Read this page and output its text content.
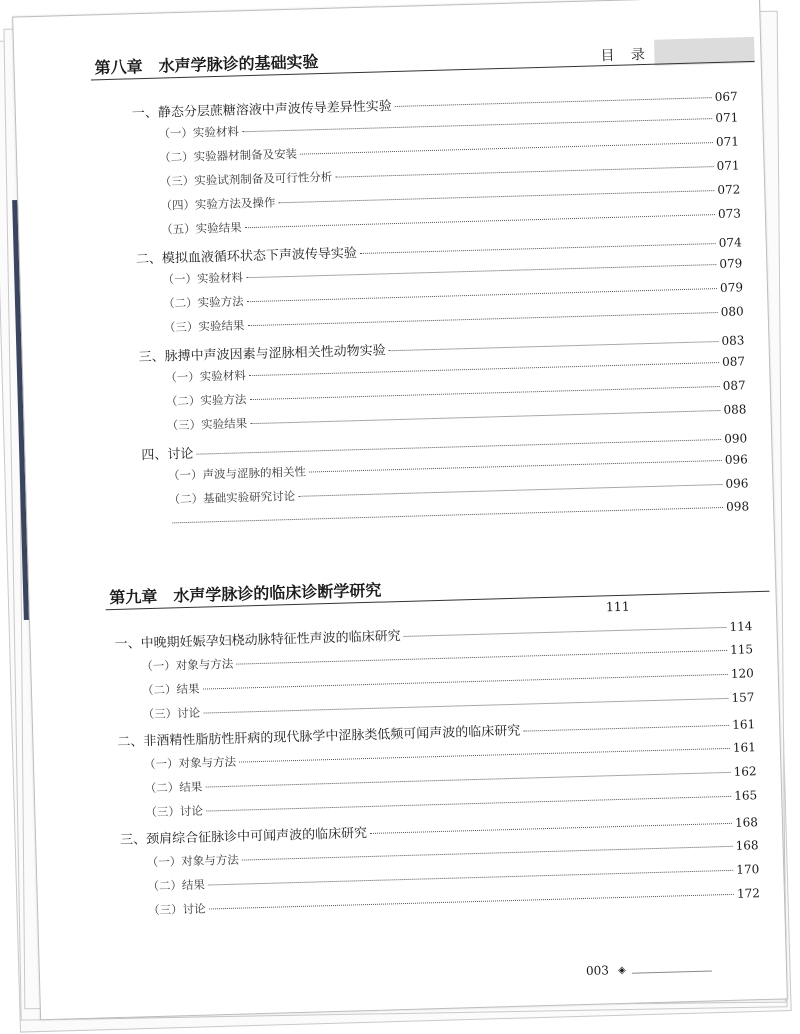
目 录
第八章 水声学脉诊的基础实验
第九章 水声学脉诊的临床诊断学研究
111
一、静态分层蔗糖溶液中声波传导差异性实验
067
（一）实验材料
071
（二）实验器材制备及安装
071
（三）实验试剂制备及可行性分析
071
（四）实验方法及操作
072
（五）实验结果
073
二、模拟血液循环状态下声波传导实验
074
（一）实验材料
079
（二）实验方法
079
（三）实验结果
080
三、脉搏中声波因素与涩脉相关性动物实验
083
（一）实验材料
087
（二）实验方法
087
（三）实验结果
088
四、讨论
090
（一）声波与涩脉的相关性
096
（二）基础实验研究讨论
096
098
一、中晚期妊娠孕妇桡动脉特征性声波的临床研究
114
（一）对象与方法
115
（二）结果
120
（三）讨论
157
二、非酒精性脂肪性肝病的现代脉学中涩脉类低频可闻声波的临床研究	161
（一）对象与方法
161
（二）结果
162
（三）讨论
165
三、颈肩综合征脉诊中可闻声波的临床研究
168
（一）对象与方法
168
（二）结果
170
（三）讨论
172
003 ◈
